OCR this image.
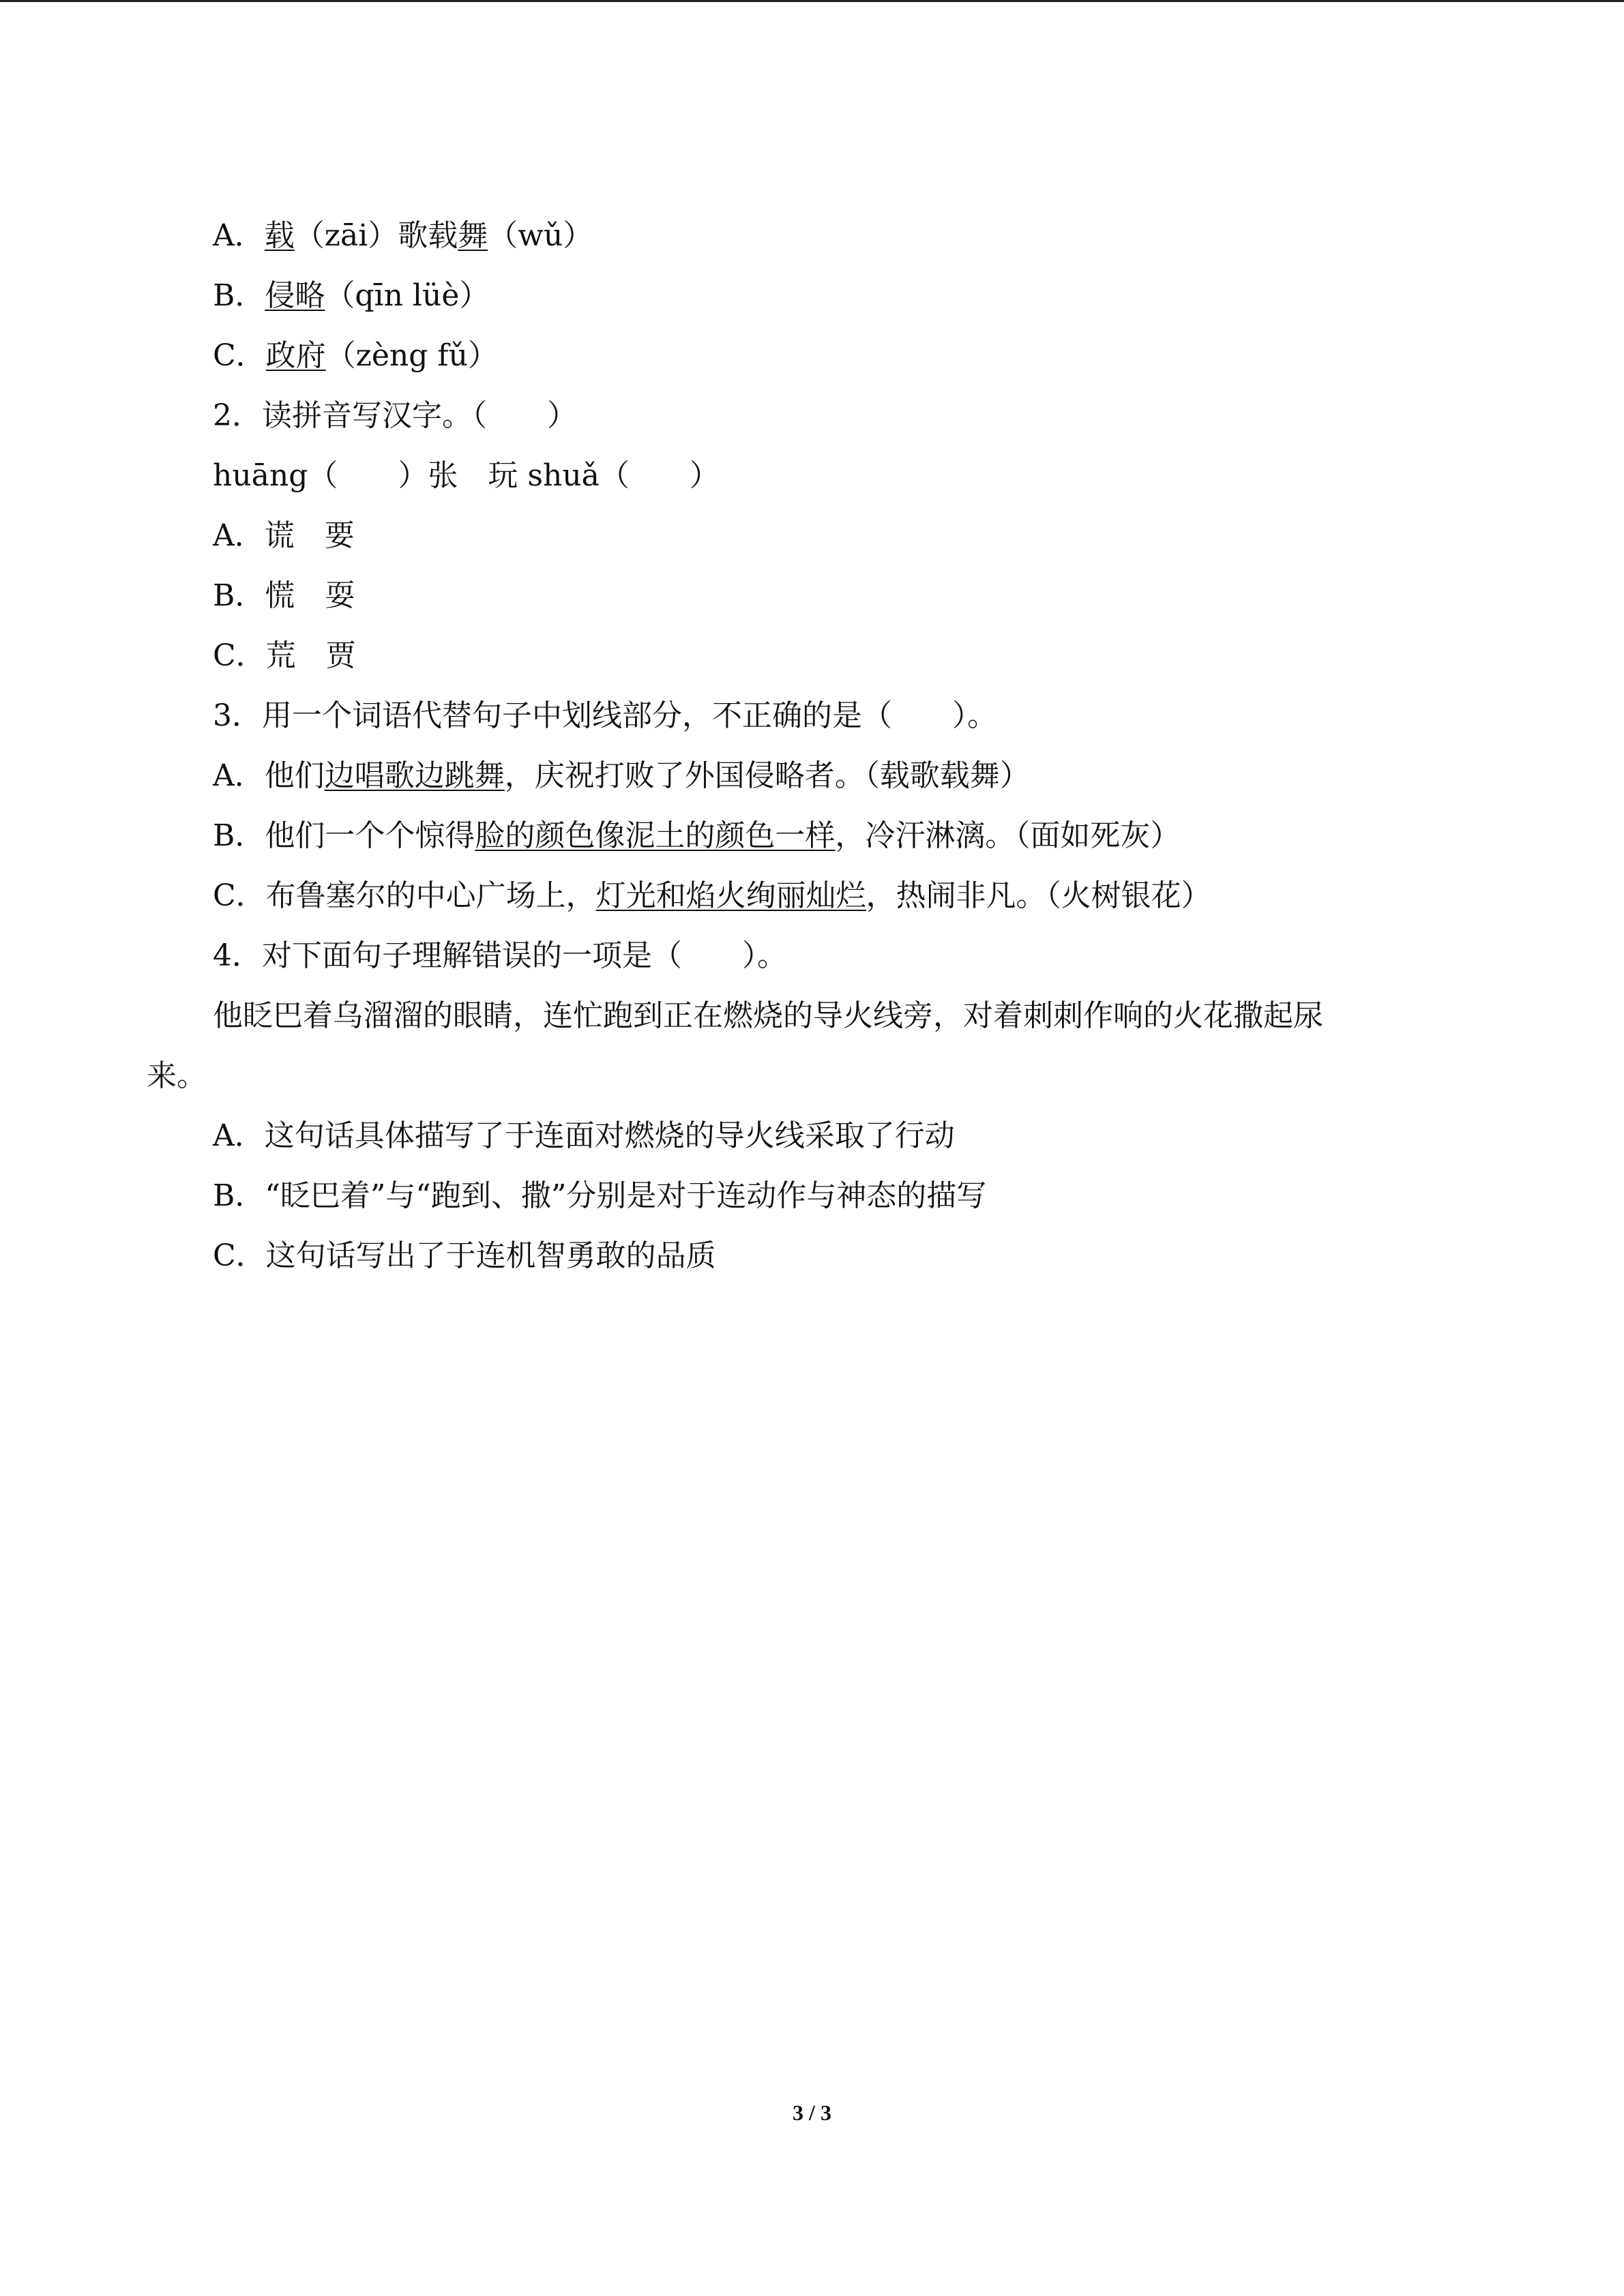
A．载（zāi）歌载舞（wǔ）
B．侵略（qīn lüè）
C．政府（zèng fǔ）
2．读拼音写汉字。（　　）
huāng（　　）张　玩 shuǎ（　　）
A．谎　要
B．慌　耍
C．荒　贾
3．用一个词语代替句子中划线部分，不正确的是（　　）。
A．他们边唱歌边跳舞，庆祝打败了外国侵略者。（载歌载舞）
B．他们一个个惊得脸的颜色像泥土的颜色一样，冷汗淋漓。（面如死灰）
C．布鲁塞尔的中心广场上，灯光和焰火绚丽灿烂，热闹非凡。（火树银花）
4．对下面句子理解错误的一项是（　　）。
他眨巴着乌溜溜的眼睛，连忙跑到正在燃烧的导火线旁，对着刺刺作响的火花撒起尿
来。
A．这句话具体描写了于连面对燃烧的导火线采取了行动
B．“眨巴着”与“跑到、撒”分别是对于连动作与神态的描写
C．这句话写出了于连机智勇敢的品质
3 / 3
